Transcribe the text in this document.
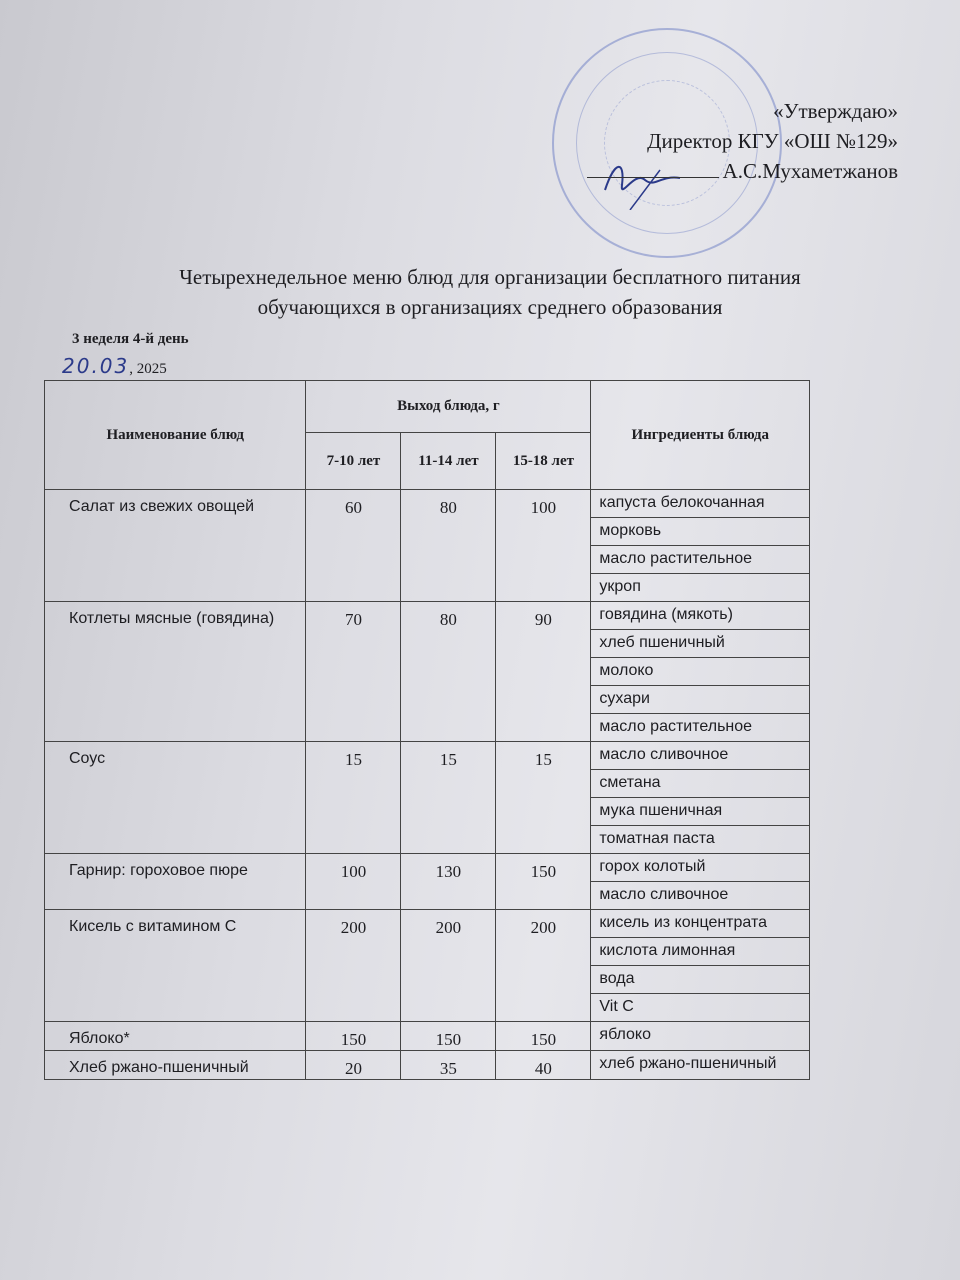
«Утверждаю»
Директор КГУ «ОШ №129»
А.С.Мухаметжанов
Четырехнедельное меню блюд для организации бесплатного питания
обучающихся в организациях среднего образования
3 неделя 4-й день
20.03, 2025
Наименование блюд	Выход блюда, г			Ингредиенты блюда
	7-10 лет	11-14 лет	15-18 лет	
Салат из свежих овощей	60	80	100	капуста белокочанная
				морковь
				масло растительное
				укроп
Котлеты мясные (говядина)	70	80	90	говядина (мякоть)
				хлеб пшеничный
				молоко
				сухари
				масло растительное
Соус	15	15	15	масло сливочное
				сметана
				мука пшеничная
				томатная паста
Гарнир: гороховое пюре	100	130	150	горох колотый
				масло сливочное
Кисель с витамином С	200	200	200	кисель из концентрата
				кислота лимонная
				вода
				Vit C
Яблоко*	150	150	150	яблоко
Хлеб ржано-пшеничный	20	35	40	хлеб ржано-пшеничный
